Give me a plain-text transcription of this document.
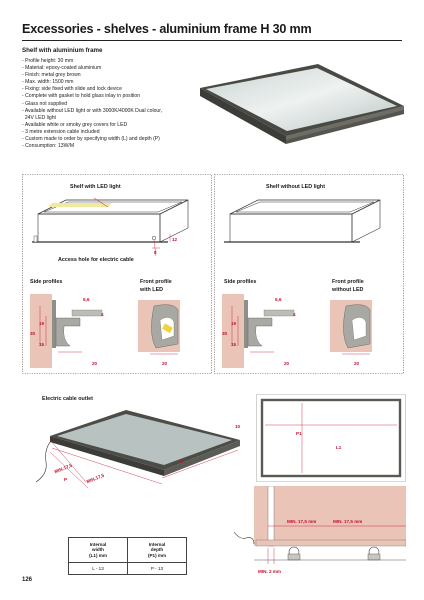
Excessories - shelves - aluminium frame H 30 mm
Shelf with aluminium frame
- Profile height: 30 mm
- Material: epoxy-coated aluminium
- Finish: metal grey brown
- Max. width: 1500 mm
- Fixing: side fixed with slide and lock device
- Complete with gasket to hold glass inlay in position
- Glass not supplied
- Available without LED light or with 3000K/4000K Dual colour,
24V LED light
- Available white or smoky grey covers for LED
- 3 metre extension cable included
- Custom made to order by specifying width (L) and depth (P)
- Consumption: 13W/M
12
8
Shelf with LED light
Access hole for electric cable
Side profiles	Front profile
with LED
5,6
4
19
30
15
20	20
Shelf without LED light
Side profiles	Front profile
without LED
5,6
4
19
30
15
20	20
Electric cable outlet
10
MIN.17,5
MIN.17,5
P
L
P1
L1
MIN. 17,5 mm	MIN. 17,5 mm
MIN. 2 mm
Internal
width
(L1) mm	Internal
depth
(P1) mm
L - 13	P - 13
126
